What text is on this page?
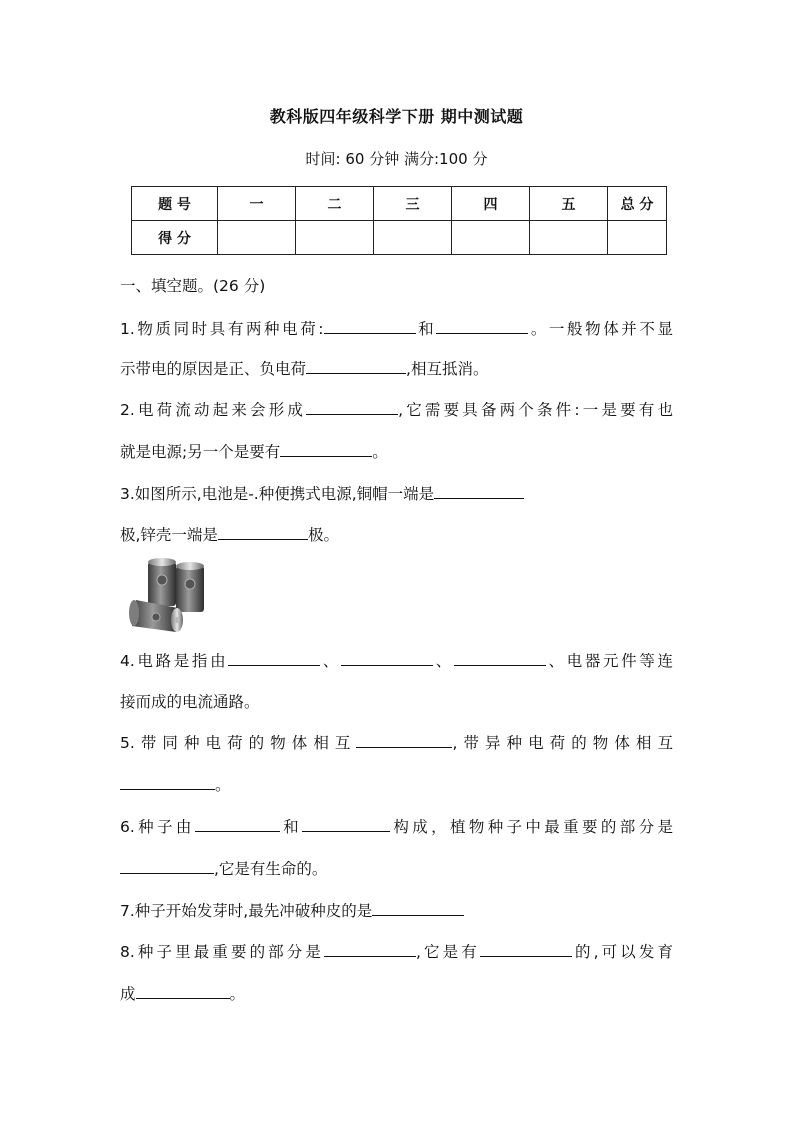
教科版四年级科学下册 期中测试题
时间: 60 分钟 满分:100 分
题 号	一	二	三	四	五	总 分
得 分						
一、填空题。(26 分)
1.物质同时具有两种电荷:	和	。一般物体并不显
示带电的原因是正、负电荷	,相互抵消。
2.电荷流动起来会形成	,它需要具备两个条件:一是要有也
就是电源;另一个是要有	。
3.如图所示,电池是-.种便携式电源,铜帽一端是
极,锌壳一端是	极。
4.电路是指由	、	、	、电器元件等连
接而成的电流通路。
5.带同种电荷的物体相互	,带异种电荷的物体相互
。
6.种子由	和	构成，植物种子中最重要的部分是
,它是有生命的。
7.种子开始发芽时,最先冲破种皮的是
8.种子里最重要的部分是	,它是有	的,可以发育
成	。
